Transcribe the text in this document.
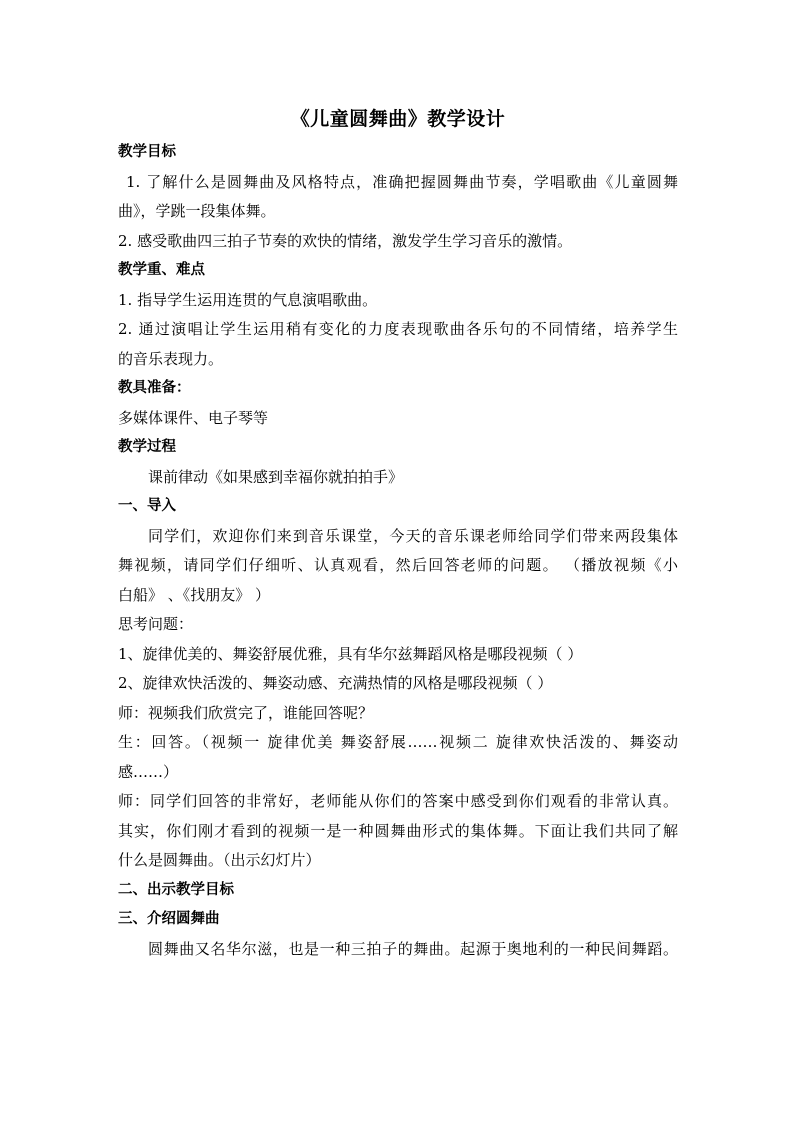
《儿童圆舞曲》教学设计
教学目标
1. 了解什么是圆舞曲及风格特点，准确把握圆舞曲节奏，学唱歌曲《儿童圆舞
曲》，学跳一段集体舞。
2. 感受歌曲四三拍子节奏的欢快的情绪，激发学生学习音乐的激情。
教学重、难点
1. 指导学生运用连贯的气息演唱歌曲。
2. 通过演唱让学生运用稍有变化的力度表现歌曲各乐句的不同情绪，培养学生
的音乐表现力。
教具准备：
多媒体课件、电子琴等
教学过程
课前律动《如果感到幸福你就拍拍手》
一、导入
同学们，欢迎你们来到音乐课堂，今天的音乐课老师给同学们带来两段集体
舞视频，请同学们仔细听、认真观看，然后回答老师的问题。 （播放视频《小
白船》 、《找朋友》 ）
思考问题：
1、旋律优美的、舞姿舒展优雅，具有华尔兹舞蹈风格是哪段视频（ ）
2、旋律欢快活泼的、舞姿动感、充满热情的风格是哪段视频（ ）
师：视频我们欣赏完了，谁能回答呢？
生：回答。（视频一 旋律优美 舞姿舒展……视频二 旋律欢快活泼的、舞姿动
感……）
师：同学们回答的非常好，老师能从你们的答案中感受到你们观看的非常认真。
其实，你们刚才看到的视频一是一种圆舞曲形式的集体舞。下面让我们共同了解
什么是圆舞曲。（出示幻灯片）
二、出示教学目标
三、介绍圆舞曲
圆舞曲又名华尔滋，也是一种三拍子的舞曲。起源于奥地利的一种民间舞蹈。
